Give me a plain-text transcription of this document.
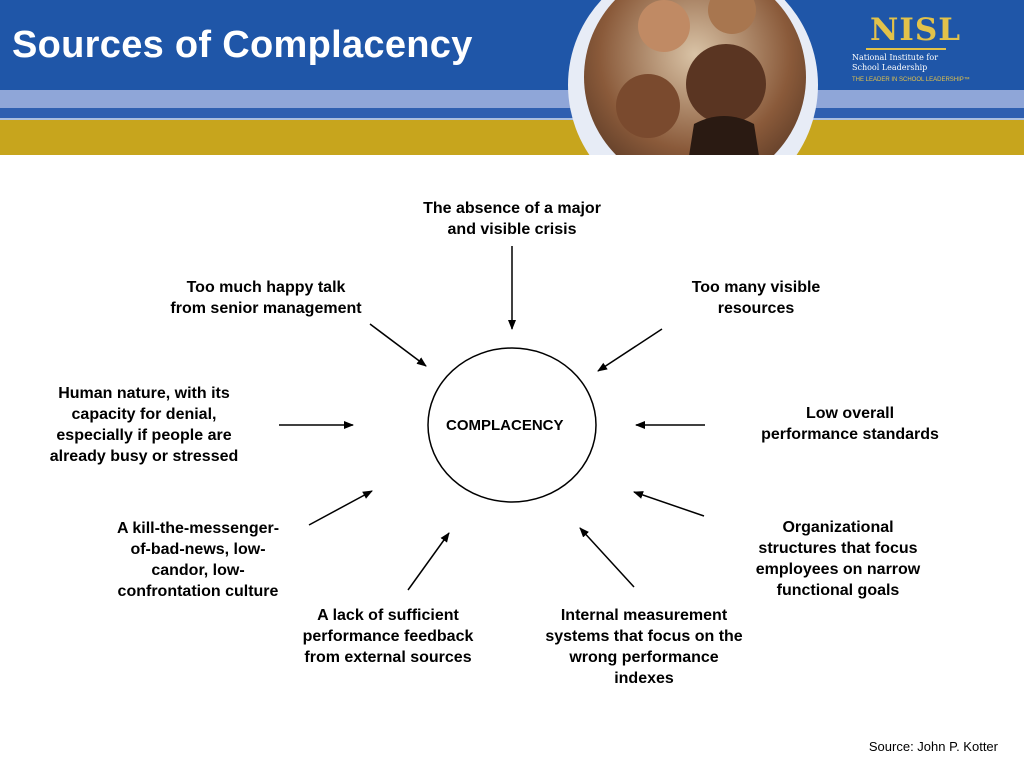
Sources of Complacency	NISL
National Institute for
School Leadership
THE LEADER IN SCHOOL LEADERSHIP™
COMPLACENCY
The absence of a major
and visible crisis
Too much happy talk
from senior management
Too many visible
resources
Human nature, with its
capacity for denial,
especially if people are
already busy or stressed
Low overall
performance standards
A kill-the-messenger-
of-bad-news, low-
candor, low-
confrontation culture
Organizational
structures that focus
employees on narrow
functional goals
A lack of sufficient
performance feedback
from external sources
Internal measurement
systems that focus on the
wrong performance
indexes
Source: John P. Kotter
